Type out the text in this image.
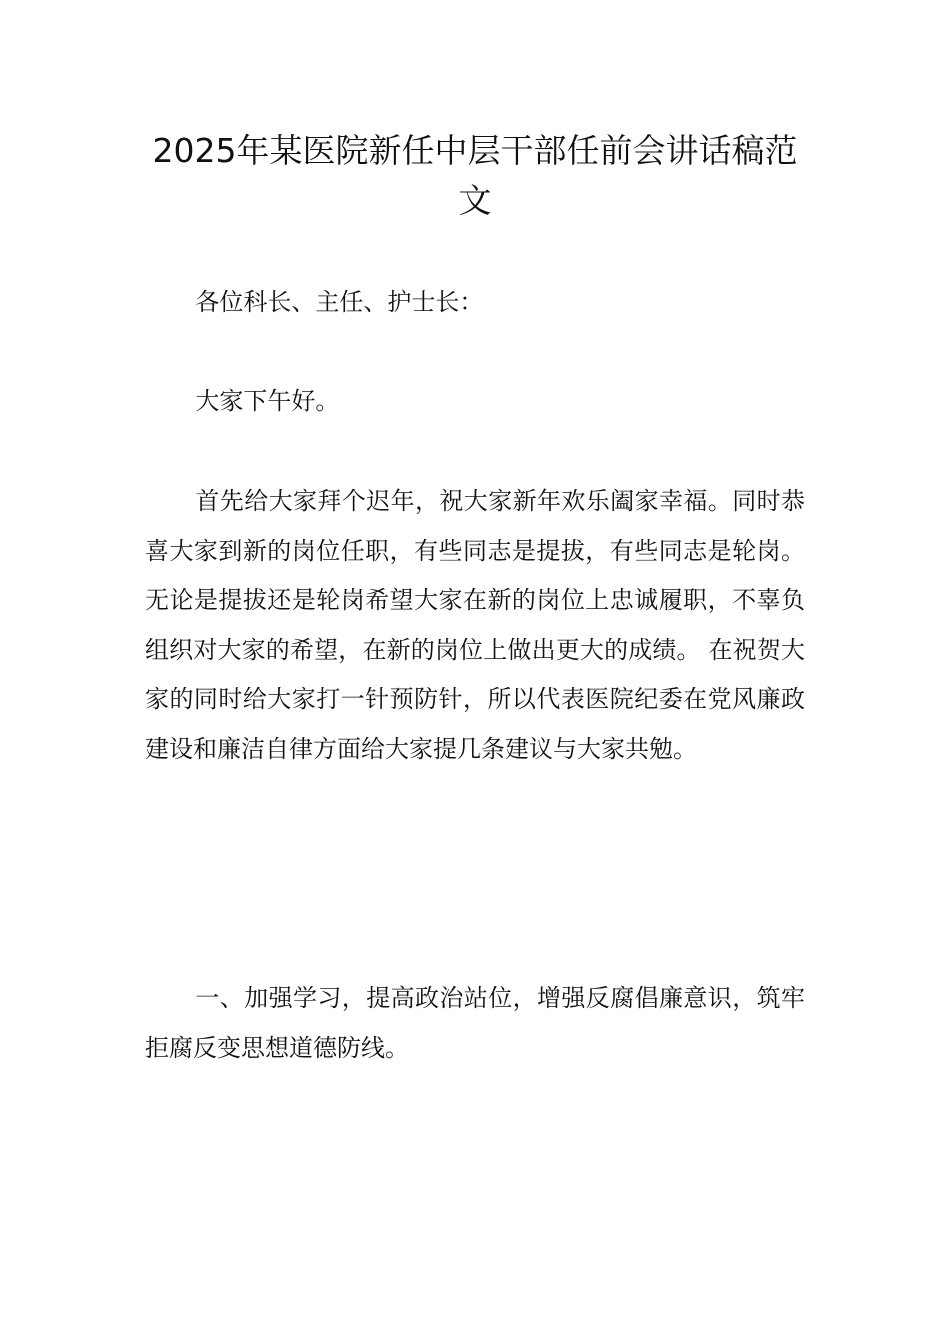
2025年某医院新任中层干部任前会讲话稿范文

各位科长、主任、护士长：

大家下午好。

首先给大家拜个迟年，祝大家新年欢乐阖家幸福。同时恭喜大家到新的岗位任职，有些同志是提拔，有些同志是轮岗。无论是提拔还是轮岗希望大家在新的岗位上忠诚履职，不辜负组织对大家的希望，在新的岗位上做出更大的成绩。 在祝贺大家的同时给大家打一针预防针，所以代表医院纪委在党风廉政建设和廉洁自律方面给大家提几条建议与大家共勉。

一、加强学习，提高政治站位，增强反腐倡廉意识，筑牢拒腐反变思想道德防线。
